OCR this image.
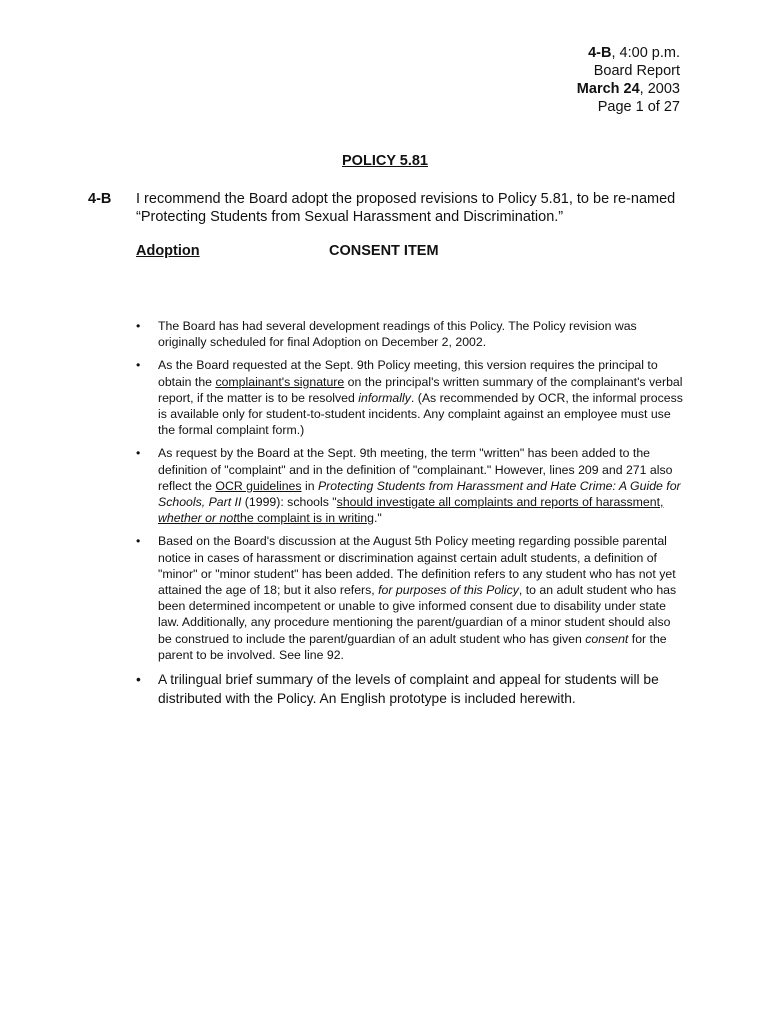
4-B, 4:00 p.m.
Board Report
March 24, 2003
Page 1 of 27
POLICY 5.81
4-B I recommend the Board adopt the proposed revisions to Policy 5.81, to be re-named “Protecting Students from Sexual Harassment and Discrimination.”
Adoption	CONSENT ITEM
• The Board has had several development readings of this Policy. The Policy revision was originally scheduled for final Adoption on December 2, 2002.
• As the Board requested at the Sept. 9th Policy meeting, this version requires the principal to obtain the complainant's signature on the principal's written summary of the complainant's verbal report, if the matter is to be resolved informally. (As recommended by OCR, the informal process is available only for student-to-student incidents. Any complaint against an employee must use the formal complaint form.)
• As request by the Board at the Sept. 9th meeting, the term "written" has been added to the definition of "complaint" and in the definition of "complainant." However, lines 209 and 271 also reflect the OCR guidelines in Protecting Students from Harassment and Hate Crime: A Guide for Schools, Part II (1999): schools "should investigate all complaints and reports of harassment, whether or notthe complaint is in writing."
• Based on the Board's discussion at the August 5th Policy meeting regarding possible parental notice in cases of harassment or discrimination against certain adult students, a definition of "minor" or "minor student" has been added. The definition refers to any student who has not yet attained the age of 18; but it also refers, for purposes of this Policy, to an adult student who has been determined incompetent or unable to give informed consent due to disability under state law. Additionally, any procedure mentioning the parent/guardian of a minor student should also be construed to include the parent/guardian of an adult student who has given consent for the parent to be involved. See line 92.
• A trilingual brief summary of the levels of complaint and appeal for students will be distributed with the Policy. An English prototype is included herewith.
